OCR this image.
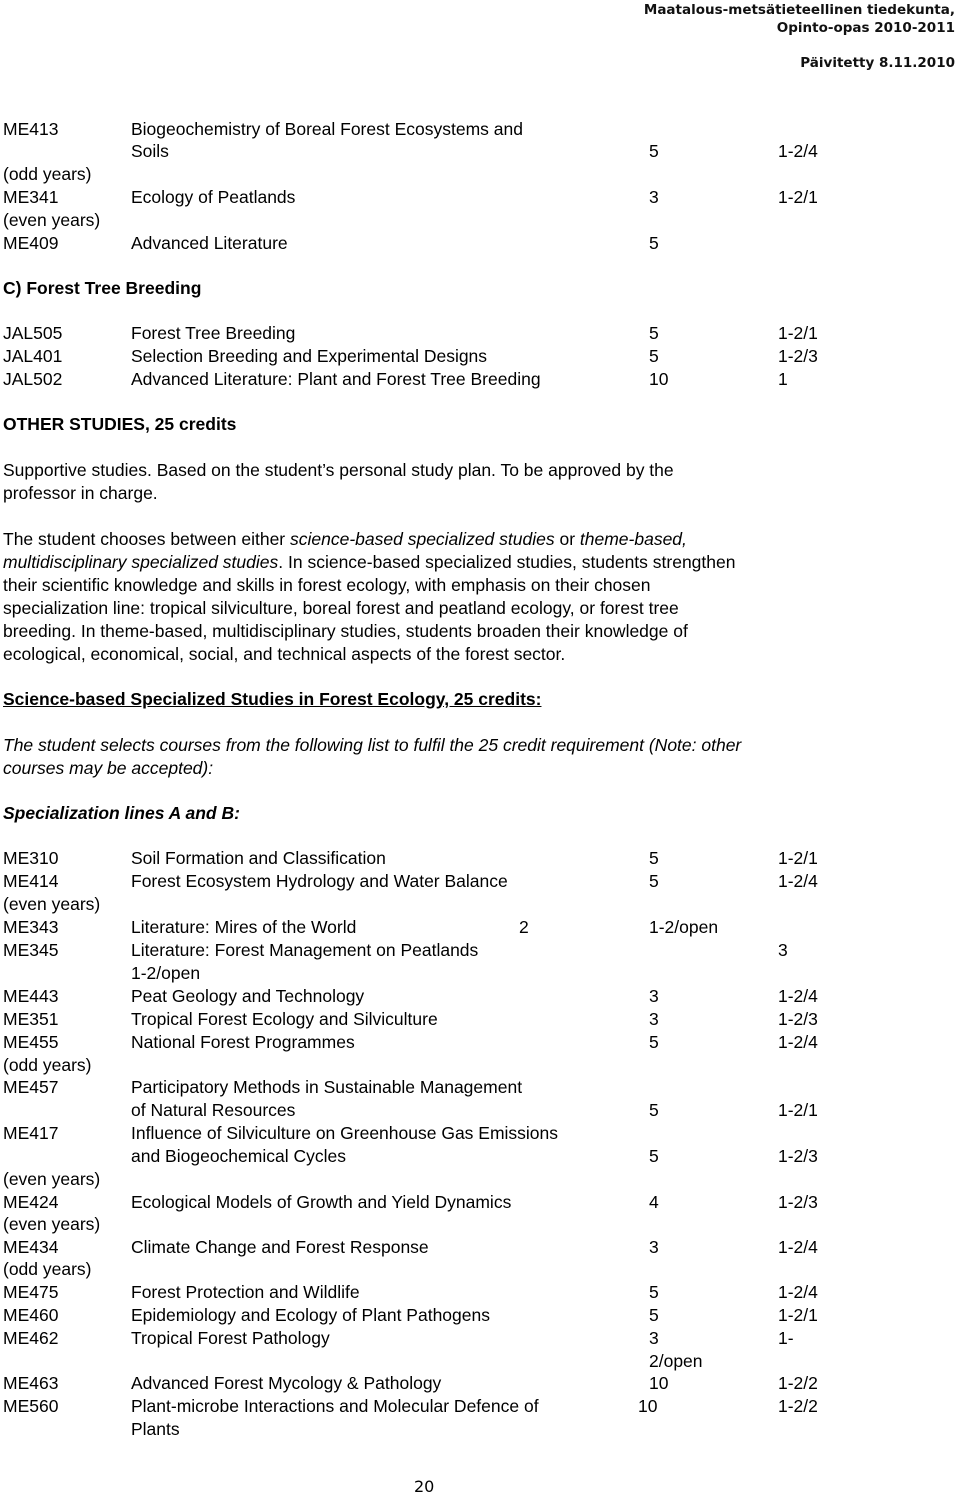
Maatalous-metsätieteellinen tiedekunta,
Opinto-opas 2010-2011
Päivitetty 8.11.2010
ME413	Biogeochemistry of Boreal Forest Ecosystems and
Soils	5	1-2/4
(odd years)
ME341	Ecology of Peatlands	3	1-2/1
(even years)
ME409	Advanced Literature	5
C) Forest Tree Breeding
JAL505	Forest Tree Breeding	5	1-2/1
JAL401	Selection Breeding and Experimental Designs	5	1-2/3
JAL502	Advanced Literature: Plant and Forest Tree Breeding	10	1
OTHER STUDIES, 25 credits
Supportive studies. Based on the student’s personal study plan. To be approved by the
professor in charge.
The student chooses between either science-based specialized studies or theme-based,
multidisciplinary specialized studies. In science-based specialized studies, students strengthen
their scientific knowledge and skills in forest ecology, with emphasis on their chosen
specialization line: tropical silviculture, boreal forest and peatland ecology, or forest tree
breeding. In theme-based, multidisciplinary studies, students broaden their knowledge of
ecological, economical, social, and technical aspects of the forest sector.
Science-based Specialized Studies in Forest Ecology, 25 credits:
The student selects courses from the following list to fulfil the 25 credit requirement (Note: other
courses may be accepted):
Specialization lines A and B:
ME310	Soil Formation and Classification	5	1-2/1
ME414	Forest Ecosystem Hydrology and Water Balance	5	1-2/4
(even years)
ME343	Literature: Mires of the World	2	1-2/open
ME345	Literature: Forest Management on Peatlands	3
1-2/open
ME443	Peat Geology and Technology	3	1-2/4
ME351	Tropical Forest Ecology and Silviculture	3	1-2/3
ME455	National Forest Programmes	5	1-2/4
(odd years)
ME457	Participatory Methods in Sustainable Management
of Natural Resources	5	1-2/1
ME417	Influence of Silviculture on Greenhouse Gas Emissions
and Biogeochemical Cycles	5	1-2/3
(even years)
ME424	Ecological Models of Growth and Yield Dynamics	4	1-2/3
(even years)
ME434	Climate Change and Forest Response	3	1-2/4
(odd years)
ME475	Forest Protection and Wildlife	5	1-2/4
ME460	Epidemiology and Ecology of Plant Pathogens	5	1-2/1
ME462	Tropical Forest Pathology	3	1-
2/open
ME463	Advanced Forest Mycology & Pathology	10	1-2/2
ME560	Plant-microbe Interactions and Molecular Defence of	10	1-2/2
Plants
20
